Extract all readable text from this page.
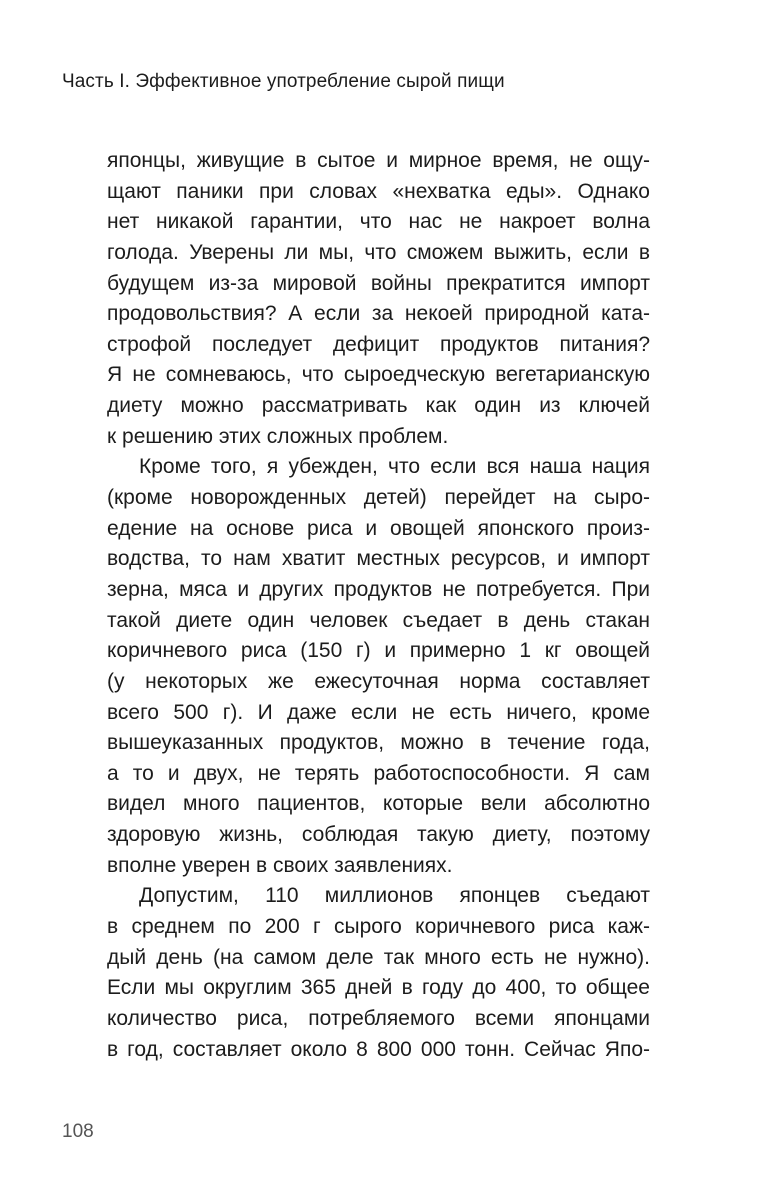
Часть I. Эффективное употребление сырой пищи
японцы, живущие в сытое и мирное время, не ощу-
щают паники при словах «нехватка еды». Однако
нет никакой гарантии, что нас не накроет волна
голода. Уверены ли мы, что сможем выжить, если в
будущем из-за мировой войны прекратится импорт
продовольствия? А если за некоей природной ката-
строфой последует дефицит продуктов питания?
Я не сомневаюсь, что сыроедческую вегетарианскую
диету можно рассматривать как один из ключей
к решению этих сложных проблем.
Кроме того, я убежден, что если вся наша нация
(кроме новорожденных детей) перейдет на сыро-
едение на основе риса и овощей японского произ-
водства, то нам хватит местных ресурсов, и импорт
зерна, мяса и других продуктов не потребуется. При
такой диете один человек съедает в день стакан
коричневого риса (150 г) и примерно 1 кг овощей
(у некоторых же ежесуточная норма составляет
всего 500 г). И даже если не есть ничего, кроме
вышеуказанных продуктов, можно в течение года,
а то и двух, не терять работоспособности. Я сам
видел много пациентов, которые вели абсолютно
здоровую жизнь, соблюдая такую диету, поэтому
вполне уверен в своих заявлениях.
Допустим, 110 миллионов японцев съедают
в среднем по 200 г сырого коричневого риса каж-
дый день (на самом деле так много есть не нужно).
Если мы округлим 365 дней в году до 400, то общее
количество риса, потребляемого всеми японцами
в год, составляет около 8 800 000 тонн. Сейчас Япо-
108
